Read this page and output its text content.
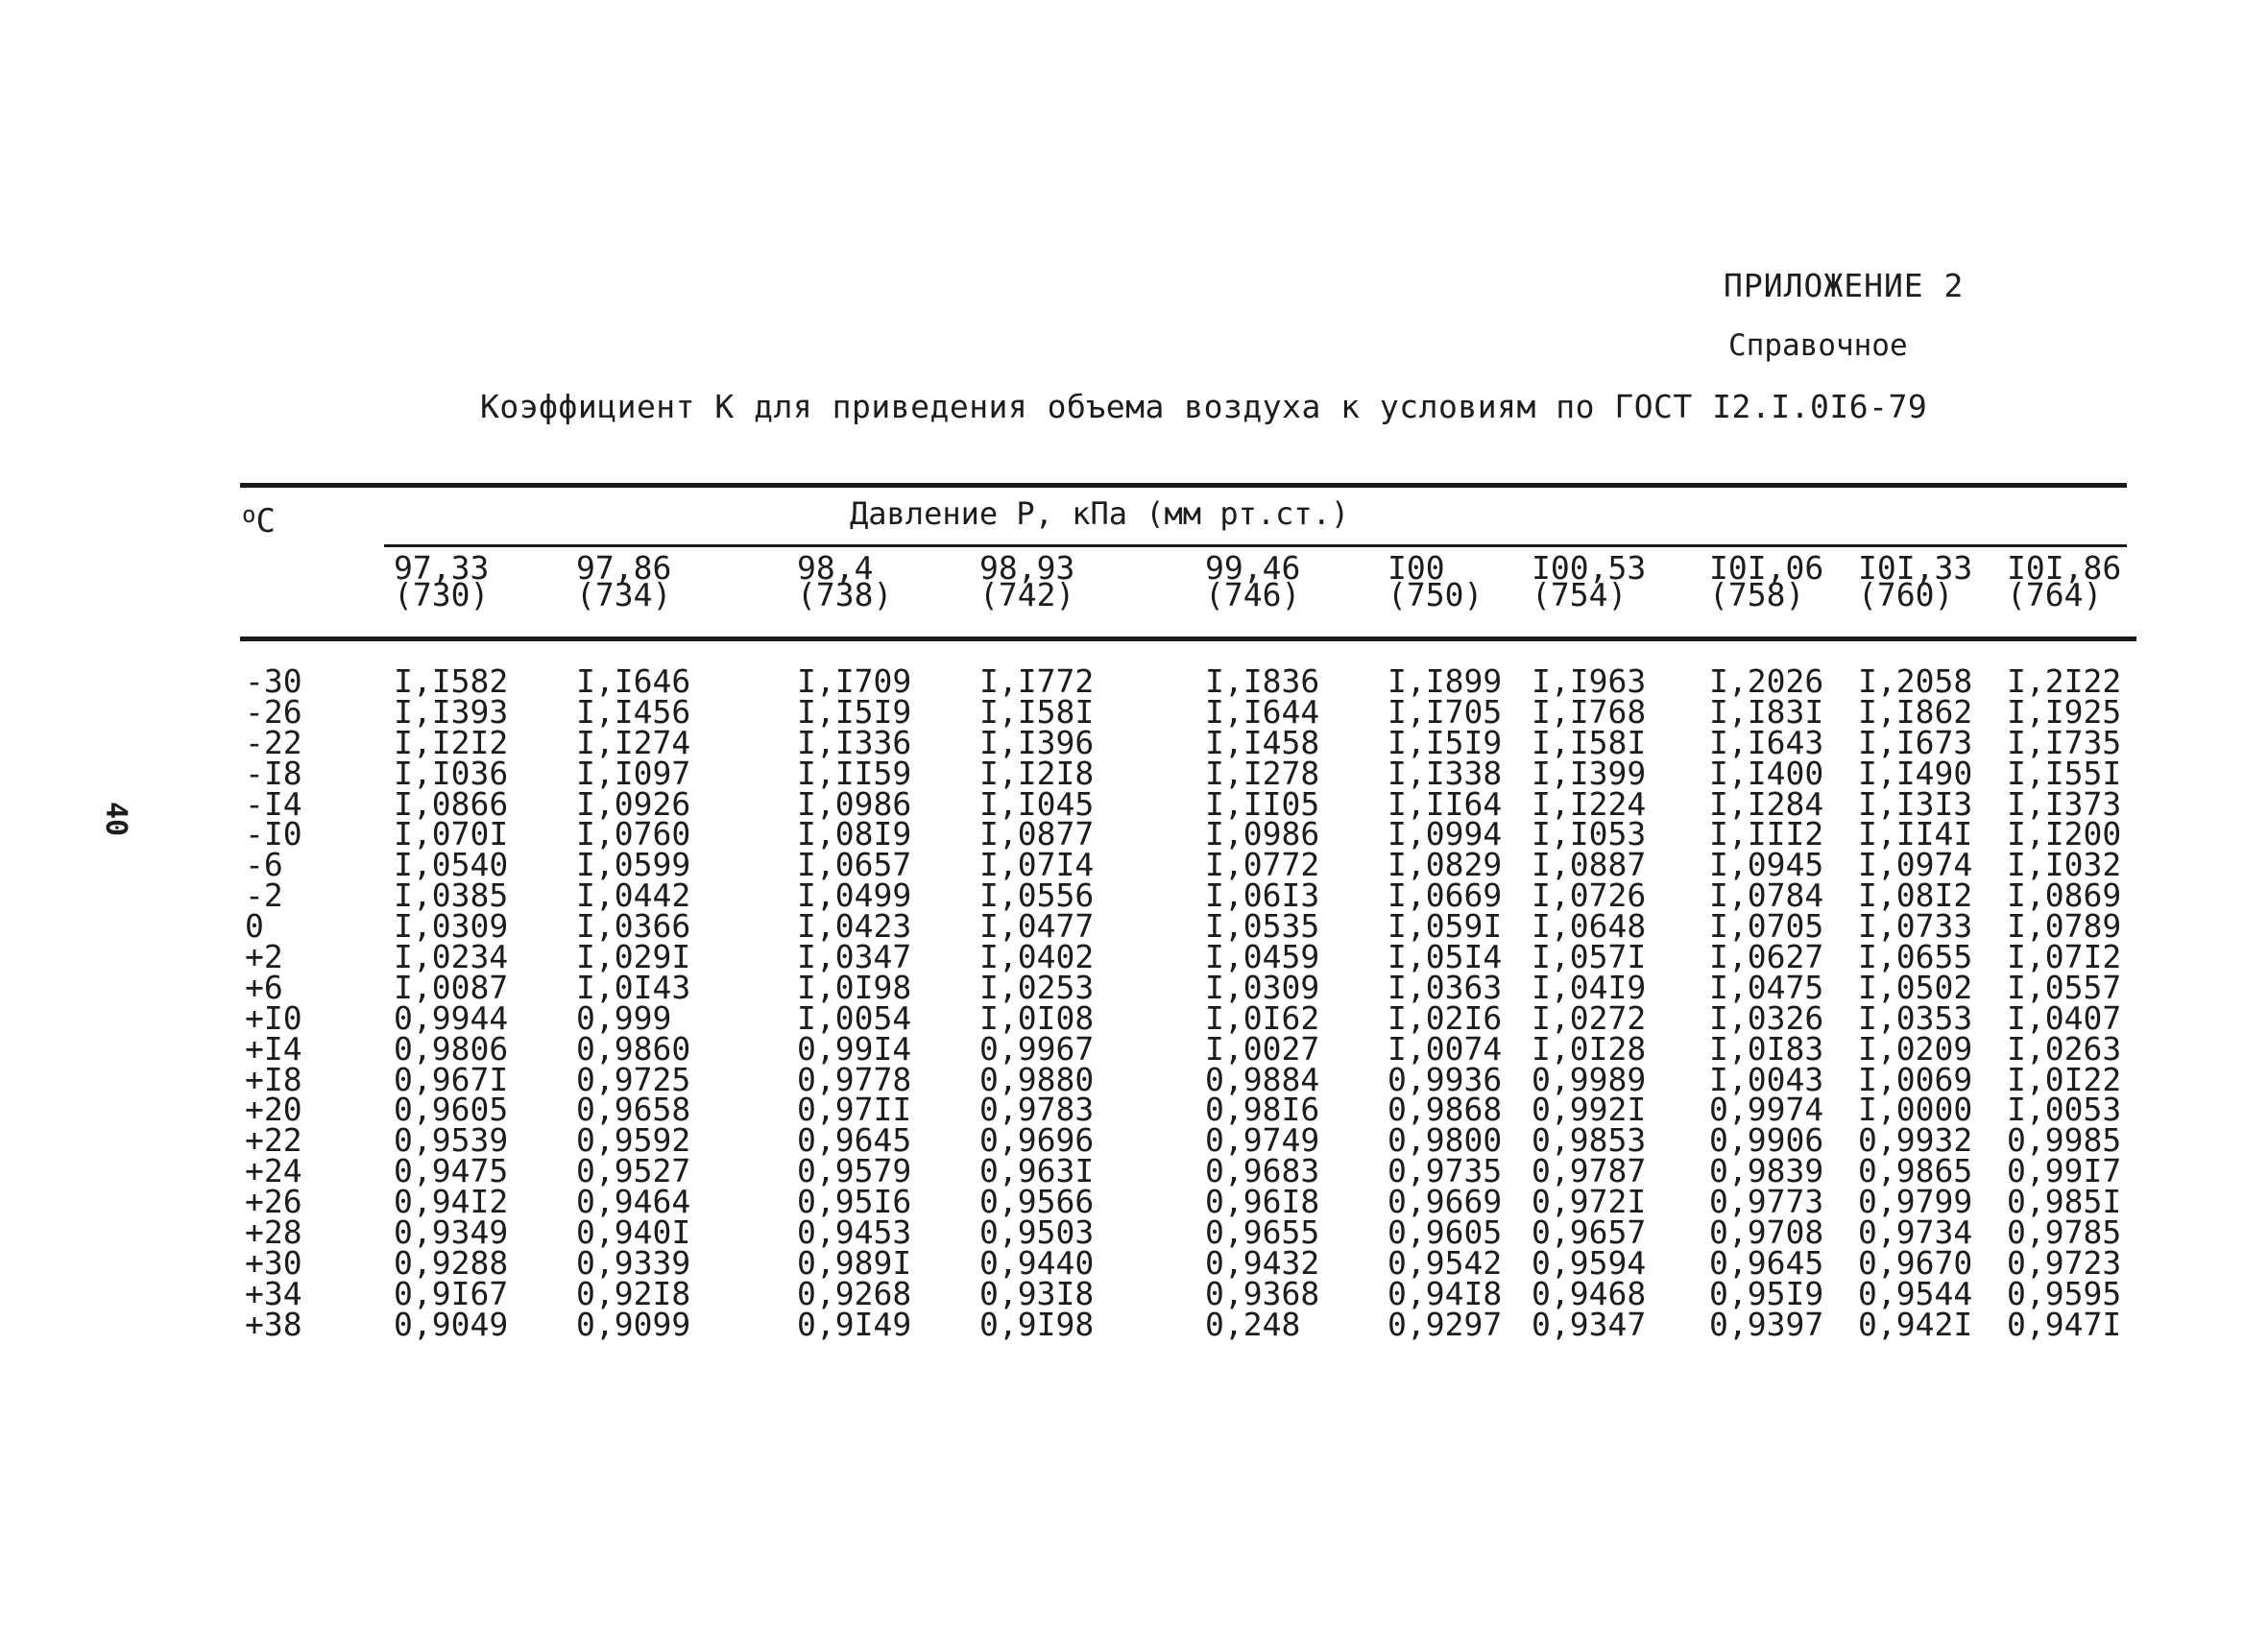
ПРИЛОЖЕНИЕ 2
Справочное
Коэффициент K для приведения объема воздуха к условиям по ГОСТ I2.I.0I6-79
40
$^o$C	Давление P, кПа (мм рт.ст.)
97,33
(730)
97,86
(734)
98,4
(738)
98,93
(742)
99,46
(746)
I00
(750)
I00,53
(754)
I0I,06
(758)
I0I,33
(760)
I0I,86
(764)
-30
-26
-22
-I8
-I4
-I0
-6
-2
0
+2
+6
+I0
+I4
+I8
+20
+22
+24
+26
+28
+30
+34
+38
I,I582
I,I393
I,I2I2
I,I036
I,0866
I,070I
I,0540
I,0385
I,0309
I,0234
I,0087
0,9944
0,9806
0,967I
0,9605
0,9539
0,9475
0,94I2
0,9349
0,9288
0,9I67
0,9049
I,I646
I,I456
I,I274
I,I097
I,0926
I,0760
I,0599
I,0442
I,0366
I,029I
I,0I43
0,999
0,9860
0,9725
0,9658
0,9592
0,9527
0,9464
0,940I
0,9339
0,92I8
0,9099
I,I709
I,I5I9
I,I336
I,II59
I,0986
I,08I9
I,0657
I,0499
I,0423
I,0347
I,0I98
I,0054
0,99I4
0,9778
0,97II
0,9645
0,9579
0,95I6
0,9453
0,989I
0,9268
0,9I49
I,I772
I,I58I
I,I396
I,I2I8
I,I045
I,0877
I,07I4
I,0556
I,0477
I,0402
I,0253
I,0I08
0,9967
0,9880
0,9783
0,9696
0,963I
0,9566
0,9503
0,9440
0,93I8
0,9I98
I,I836
I,I644
I,I458
I,I278
I,II05
I,0986
I,0772
I,06I3
I,0535
I,0459
I,0309
I,0I62
I,0027
0,9884
0,98I6
0,9749
0,9683
0,96I8
0,9655
0,9432
0,9368
0,248
I,I899
I,I705
I,I5I9
I,I338
I,II64
I,0994
I,0829
I,0669
I,059I
I,05I4
I,0363
I,02I6
I,0074
0,9936
0,9868
0,9800
0,9735
0,9669
0,9605
0,9542
0,94I8
0,9297
I,I963
I,I768
I,I58I
I,I399
I,I224
I,I053
I,0887
I,0726
I,0648
I,057I
I,04I9
I,0272
I,0I28
0,9989
0,992I
0,9853
0,9787
0,972I
0,9657
0,9594
0,9468
0,9347
I,2026
I,I83I
I,I643
I,I400
I,I284
I,III2
I,0945
I,0784
I,0705
I,0627
I,0475
I,0326
I,0I83
I,0043
0,9974
0,9906
0,9839
0,9773
0,9708
0,9645
0,95I9
0,9397
I,2058
I,I862
I,I673
I,I490
I,I3I3
I,II4I
I,0974
I,08I2
I,0733
I,0655
I,0502
I,0353
I,0209
I,0069
I,0000
0,9932
0,9865
0,9799
0,9734
0,9670
0,9544
0,942I
I,2I22
I,I925
I,I735
I,I55I
I,I373
I,I200
I,I032
I,0869
I,0789
I,07I2
I,0557
I,0407
I,0263
I,0I22
I,0053
0,9985
0,99I7
0,985I
0,9785
0,9723
0,9595
0,947I
